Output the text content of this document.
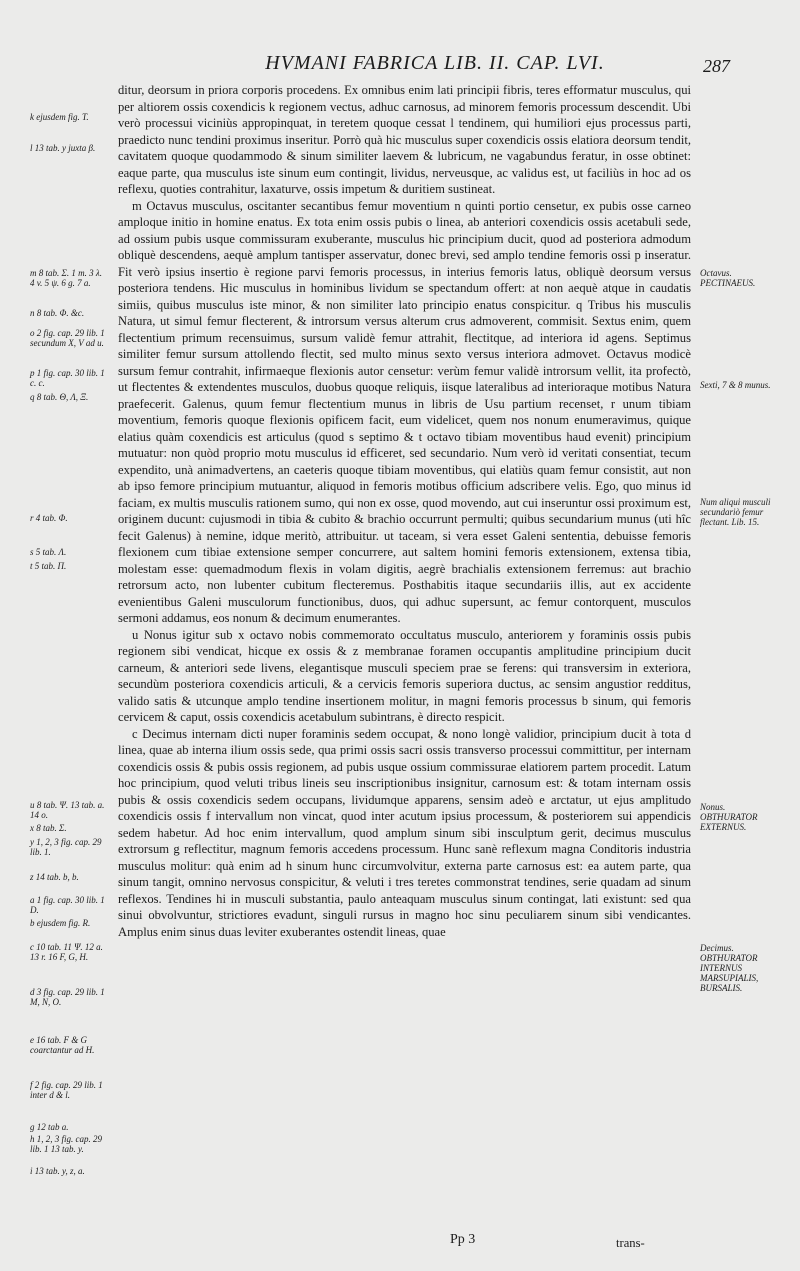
HVMANI FABRICA LIB. II. CAP. LVI.	287

ditur, deorsum in priora corporis procedens. Ex omnibus enim lati principii fibris, teres efformatur musculus, qui per altiorem ossis coxendicis k regionem vectus, adhuc carnosus, ad minorem femoris processum descendit. Ubi verò processui viciniùs appropinquat, in teretem quoque cessat l tendinem, qui humiliori ejus processus parti, praedicto nunc tendini proximus inseritur. Porrò quà hic musculus super coxendicis ossis elatiora deorsum tendit, cavitatem quoque quodammodo & sinum similiter laevem & lubricum, ne vagabundus feratur, in osse obtinet: eaque parte, qua musculus iste sinum eum contingit, lividus, nerveusque, ac validus est, ut faciliùs in hoc ad os reflexu, quoties contrahitur, laxaturve, ossis impetum & duritiem sustineat.

m Octavus musculus, oscitanter secantibus femur moventium n quinti portio censetur, ex pubis osse carneo amploque initio in homine enatus. Ex tota enim ossis pubis o linea, ab anteriori coxendicis ossis acetabuli sede, ad ossium pubis usque commissuram exuberante, musculus hic principium ducit, quod ad posteriora admodum obliquè descendens, aequè amplum tantisper asservatur, donec brevi, sed amplo tendine femoris ossi p inseratur. Fit verò ipsius insertio è regione parvi femoris processus, in interius femoris latus, obliquè deorsum versus posteriora tendens. Hic musculus in hominibus lividum se spectandum offert: at non aequè atque in caudatis simiis, quibus musculus iste minor, & non similiter lato principio enatus conspicitur. q Tribus his musculis Natura, ut simul femur flecterent, & introrsum versus alterum crus admoverent, commisit. Sextus enim, quem flectentium primum recensuimus, sursum validè femur attrahit, flectitque, ad interiora id agens. Septimus similiter femur sursum attollendo flectit, sed multo minus sexto versus interiora admovet. Octavus modicè sursum femur contrahit, infirmaeque flexionis autor censetur: verùm femur validè introrsum vellit, ita profectò, ut flectentes & extendentes musculos, duobus quoque reliquis, iisque lateralibus ad interioraque motibus Natura praefecerit. Galenus, quum femur flectentium munus in libris de Usu partium recenset, r unum tibiam moventium, femoris quoque flexionis opificem facit, eum videlicet, quem nos nonum enumeravimus, quique elatius quàm coxendicis est articulus (quod s septimo & t octavo tibiam moventibus haud evenit) principium mutuatur: non quòd proprio motu musculus id efficeret, sed secundario. Num verò id veritati consentiat, tecum expendito, unà animadvertens, an caeteris quoque tibiam moventibus, qui elatiùs quam femur consistit, aut non ab ipso femore principium mutuantur, aliquod in femoris motibus officium adscribere velis. Ego, quo minus id faciam, ex multis musculis rationem sumo, qui non ex osse, quod movendo, aut cui inseruntur ossi proximum est, originem ducunt: cujusmodi in tibia & cubito & brachio occurrunt permulti; quibus secundarium munus (uti hîc fecit Galenus) à nemine, idque meritò, attribuitur. ut taceam, si vera esset Galeni sententia, debuisse femoris flexionem cum tibiae extensione semper concurrere, aut saltem homini femoris extensionem, extensa tibia, molestam esse: quemadmodum flexis in volam digitis, aegrè brachialis extensionem ferremus: aut brachio retrorsum acto, non lubenter cubitum flecteremus. Posthabitis itaque secundariis illis, aut ex accidente evenientibus Galeni musculorum functionibus, duos, qui adhuc supersunt, ac femur contorquent, musculos sermoni addamus, eos nonum & decimum enumerantes.

u Nonus igitur sub x octavo nobis commemorato occultatus musculo, anteriorem y foraminis ossis pubis regionem sibi vendicat, hicque ex ossis & z membranae foramen occupantis amplitudine principium ducit carneum, & anteriori sede livens, elegantisque musculi speciem prae se ferens: qui transversim in exteriora, secundùm posteriora coxendicis articuli, & a cervicis femoris superiora ductus, ac sensim angustior redditus, valido satis & utcunque amplo tendine insertionem molitur, in magni femoris processus b sinum, qui femoris cervicem & caput, ossis coxendicis acetabulum subintrans, è directo respicit.

c Decimus internam dicti nuper foraminis sedem occupat, & nono longè validior, principium ducit à tota d linea, quae ab interna ilium ossis sede, qua primi ossis sacri ossis transverso processui committitur, per internam coxendicis ossis & pubis ossis regionem, ad pubis usque ossium commissurae elatiorem partem procedit. Latum hoc principium, quod veluti tribus lineis seu inscriptionibus insignitur, carnosum est: & totam internam ossis pubis & ossis coxendicis sedem occupans, lividumque apparens, sensim adeò e arctatur, ut ejus amplitudo coxendicis ossis f intervallum non vincat, quod inter acutum ipsius processum, & posteriorem sui appendicis sedem habetur. Ad hoc enim intervallum, quod amplum sinum sibi insculptum gerit, decimus musculus extrorsum g reflectitur, magnum femoris accedens processum. Hunc sanè reflexum magna Conditoris industria musculus molitur: quà enim ad h sinum hunc circumvolvitur, externa parte carnosus est: ea autem parte, qua sinum tangit, omnino nervosus conspicitur, & veluti i tres teretes commonstrat tendines, serie quadam ad sinum reflexos. Tendines hi in musculi substantia, paulo anteaquam musculus sinum contingat, lati existunt: sed qua sinui obvolvuntur, strictiores evadunt, singuli rursus in magno hoc sinu peculiarem sinum sibi vendicantes. Amplus enim sinus duas leviter exuberantes ostendit lineas, quae

k ejusdem fig. T.
l 13 tab. y juxta β.
m 8 tab. Σ. 1 m. 3 λ. 4 v. 5 ψ. 6 g. 7 a.
n 8 tab. Φ. &c.
o 2 fig. cap. 29 lib. 1 secundum X, V ad u.
p 1 fig. cap. 30 lib. 1 c. c.
q 8 tab. Θ, Λ, Ξ.
r 4 tab. Φ.
s 5 tab. Λ.
t 5 tab. Π.
u 8 tab. Ψ. 13 tab. a. 14 o.
x 8 tab. Σ.
y 1, 2, 3 fig. cap. 29 lib. 1.
z 14 tab. b, b.
a 1 fig. cap. 30 lib. 1 D.
b ejusdem fig. R.
c 10 tab. 11 Ψ. 12 a. 13 r. 16 F, G, H.
d 3 fig. cap. 29 lib. 1 M, N, O.
e 16 tab. F & G coarctantur ad H.
f 2 fig. cap. 29 lib. 1 inter d & l.
g 12 tab a.
h 1, 2, 3 fig. cap. 29 lib. 1 13 tab. y.
i 13 tab. y, z, a.
Octavus. PECTINAEUS.
Sexti, 7 & 8 munus.
Num aliqui musculi secundariò femur flectant. Lib. 15.
Nonus. OBTHURATOR EXTERNUS.
Decimus. OBTHURATOR INTERNUS MARSUPIALIS, BURSALIS.
Pp 3	trans-
